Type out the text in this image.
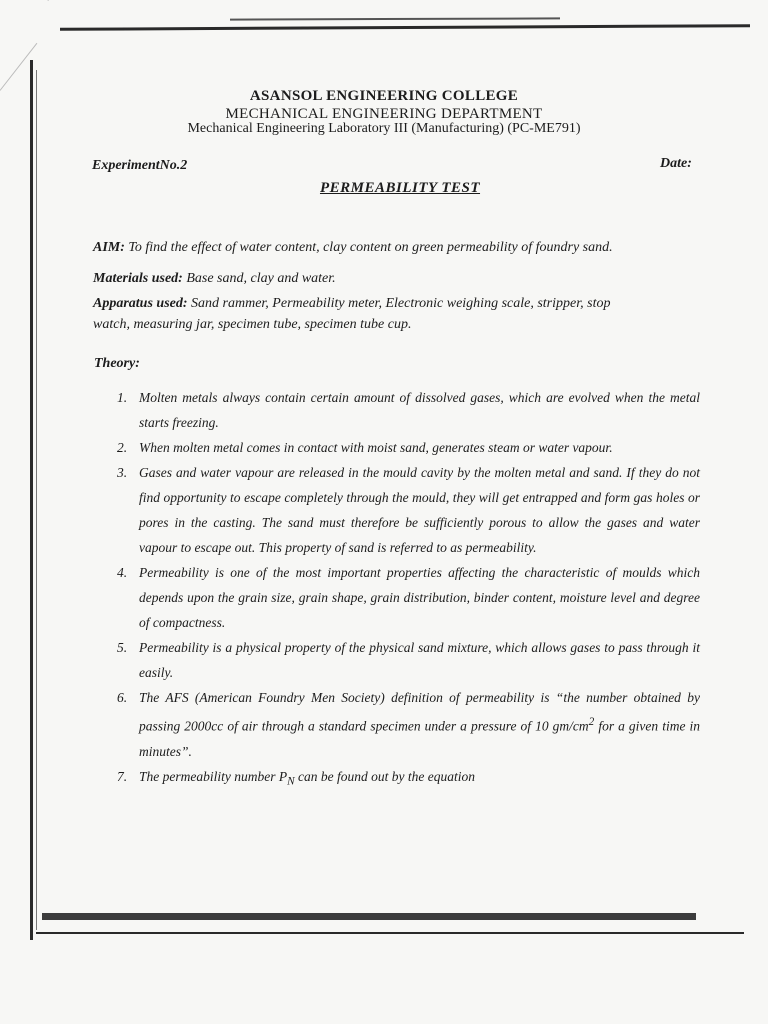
ASANSOL ENGINEERING COLLEGE
MECHANICAL ENGINEERING DEPARTMENT
Mechanical Engineering Laboratory III (Manufacturing) (PC-ME791)
ExperimentNo.2	Date:
PERMEABILITY TEST
AIM: To find the effect of water content, clay content on green permeability of foundry sand.
Materials used: Base sand, clay and water.
Apparatus used: Sand rammer, Permeability meter, Electronic weighing scale, stripper, stop
watch, measuring jar, specimen tube, specimen tube cup.
Theory:
1. Molten metals always contain certain amount of dissolved gases, which are evolved when the metal starts freezing.
2. When molten metal comes in contact with moist sand, generates steam or water vapour.
3. Gases and water vapour are released in the mould cavity by the molten metal and sand. If they do not find opportunity to escape completely through the mould, they will get entrapped and form gas holes or pores in the casting. The sand must therefore be sufficiently porous to allow the gases and water vapour to escape out. This property of sand is referred to as permeability.
4. Permeability is one of the most important properties affecting the characteristic of moulds which depends upon the grain size, grain shape, grain distribution, binder content, moisture level and degree of compactness.
5. Permeability is a physical property of the physical sand mixture, which allows gases to pass through it easily.
6. The AFS (American Foundry Men Society) definition of permeability is “the number obtained by passing 2000cc of air through a standard specimen under a pressure of 10 $gm/cm^2$ for a given time in minutes”.
7. The permeability number $P_N$ can be found out by the equation
